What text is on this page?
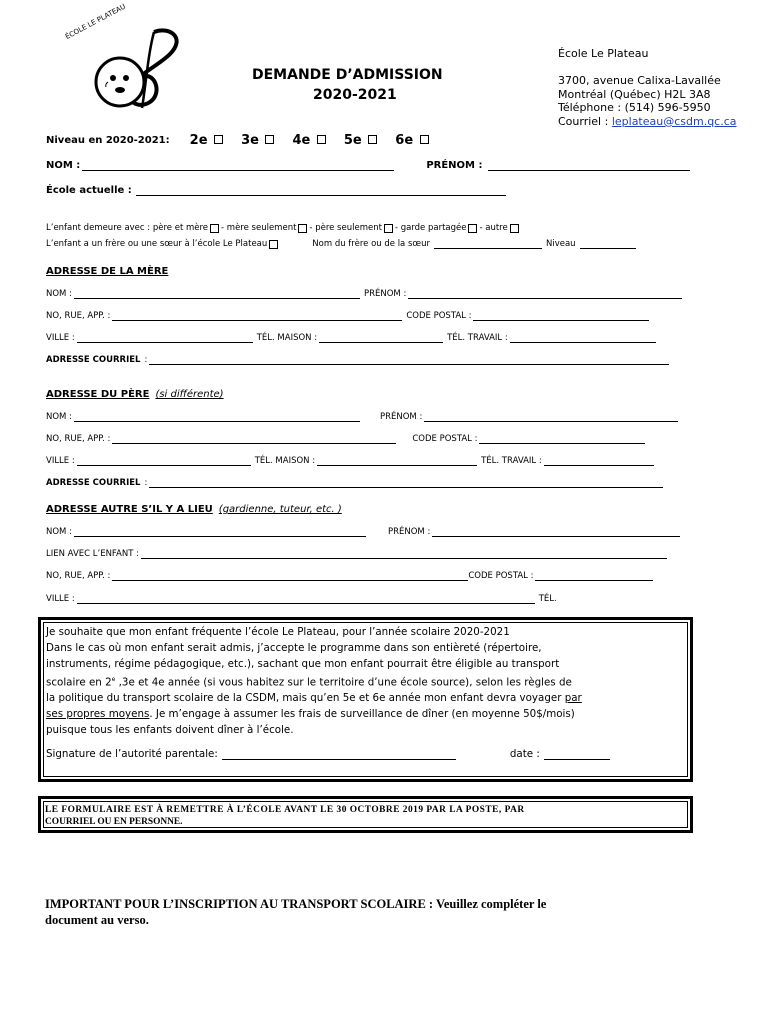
ÉCOLE LE PLATEAU
DEMANDE D’ADMISSION
2020-2021
École Le Plateau
3700, avenue Calixa-Lavallée
Montréal (Québec) H2L 3A8
Téléphone : (514) 596-5950
Courriel : leplateau@csdm.qc.ca
Niveau en 2020-2021: 2e	3e	4e	5e	6e
NOM :	PRÉNOM :
École actuelle :
L’enfant demeure avec : père et mère - mère seulement - père seulement - garde partagée - autre
L’enfant a un frère ou une sœur à l’école Le Plateau	Nom du frère ou de la sœur	Niveau
ADRESSE DE LA MÈRE
NOM :	PRÉNOM :
NO, RUE, APP. :	CODE POSTAL :
VILLE :	TÉL. MAISON :	TÉL. TRAVAIL :
ADRESSE COURRIEL :
ADRESSE DU PÈRE (si différente)
NOM :	PRÉNOM :
NO, RUE, APP. :	CODE POSTAL :
VILLE :	TÉL. MAISON :	TÉL. TRAVAIL :
ADRESSE COURRIEL :
ADRESSE AUTRE S’IL Y A LIEU (gardienne, tuteur, etc. )
NOM :	PRÉNOM :
LIEN AVEC L’ENFANT :
NO, RUE, APP. :	CODE POSTAL :
VILLE :	TÉL.
Je souhaite que mon enfant fréquente l’école Le Plateau, pour l’année scolaire 2020-2021
Dans le cas où mon enfant serait admis, j’accepte le programme dans son entièreté (répertoire,
instruments, régime pédagogique, etc.), sachant que mon enfant pourrait être éligible au transport
scolaire en 2e ,3e et 4e année (si vous habitez sur le territoire d’une école source), selon les règles de
la politique du transport scolaire de la CSDM, mais qu’en 5e et 6e année mon enfant devra voyager par
ses propres moyens. Je m’engage à assumer les frais de surveillance de dîner (en moyenne 50$/mois)
puisque tous les enfants doivent dîner à l’école.
Signature de l’autorité parentale :	date :
LE FORMULAIRE EST À REMETTRE À L’ÉCOLE AVANT LE 30 OCTOBRE 2019 PAR LA POSTE, PAR
COURRIEL OU EN PERSONNE.
IMPORTANT POUR L’INSCRIPTION AU TRANSPORT SCOLAIRE : Veuillez compléter le
document au verso.
